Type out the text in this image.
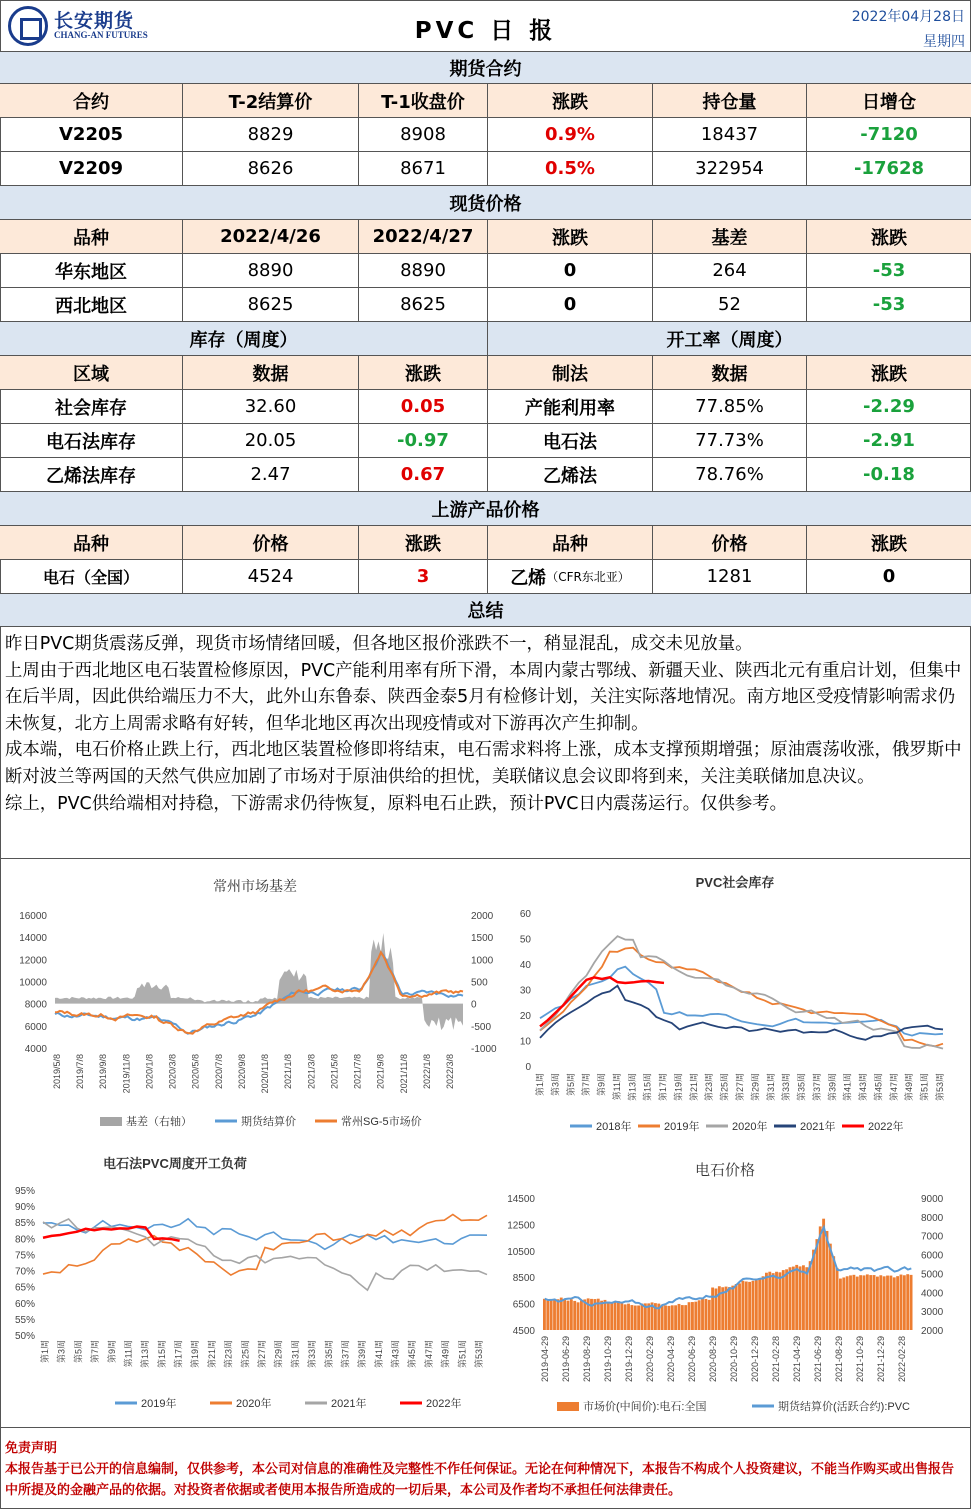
长安期货
CHANG-AN FUTURES	PVC 日 报
2022年04月28日
星期四
期货合约
合约	T-2结算价	T-1收盘价	涨跌	持仓量	日增仓
V2205	8829	8908	0.9%	18437	-7120
V2209	8626	8671	0.5%	322954	-17628
现货价格
品种	2022/4/26	2022/4/27	涨跌	基差	涨跌
华东地区	8890	8890	0	264	-53
西北地区	8625	8625	0	52	-53
库存（周度）	开工率（周度）
区域	数据	涨跌	制法	数据	涨跌
社会库存	32.60	0.05	产能利用率	77.85%	-2.29
电石法库存	20.05	-0.97	电石法	77.73%	-2.91
乙烯法库存	2.47	0.67	乙烯法	78.76%	-0.18
上游产品价格
品种	价格	涨跌	品种	价格	涨跌
电石（全国）	4524	3	乙烯 （CFR东北亚）	1281	0
总结

昨日PVC期货震荡反弹，现货市场情绪回暖，但各地区报价涨跌不一，稍显混乱，成交未见放量。

上周由于西北地区电石装置检修原因，PVC产能利用率有所下滑，本周内蒙古鄂绒、新疆天业、陕西北元有重启计划，但集中在后半周，因此供给端压力不大，此外山东鲁泰、陕西金泰5月有检修计划，关注实际落地情况。南方地区受疫情影响需求仍未恢复，北方上周需求略有好转，但华北地区再次出现疫情或对下游再次产生抑制。

成本端，电石价格止跌上行，西北地区装置检修即将结束，电石需求料将上涨，成本支撑预期增强；原油震荡收涨，俄罗斯中断对波兰等两国的天然气供应加剧了市场对于原油供给的担忧，美联储议息会议即将到来，关注美联储加息决议。

综上，PVC供给端相对持稳，下游需求仍待恢复，原料电石止跌，预计PVC日内震荡运行。仅供参考。

常州市场基差
16000
14000
12000
10000
8000
6000
4000
2000
1500
1000
500
0
-500
-1000
2019/5/8 2019/7/8 2019/9/8 2019/11/8 2020/1/8 2020/3/8 2020/5/8 2020/7/8 2020/9/8 2020/11/8 2021/1/8 2021/3/8 2021/5/8 2021/7/8 2021/9/8 2021/11/8 2022/1/8 2022/3/8
基差（右轴）	期货结算价	常州SG-5市场价
PVC社会库存
60
50
40
30
20
10
0
第1周 第3周 第5周 第7周 第9周 第11周 第13周 第15周 第17周 第19周 第21周 第23周 第25周 第27周 第29周 第31周 第33周 第35周 第37周 第39周 第41周 第43周 第45周 第47周 第49周 第51周 第53周
2018年	2019年	2020年	2021年	2022年
电石法PVC周度开工负荷
95%
90%
85%
80%
75%
70%
65%
60%
55%
50%
第1周 第3周 第5周 第7周 第9周 第11周 第13周 第15周 第17周 第19周 第21周 第23周 第25周 第27周 第29周 第31周 第33周 第35周 第37周 第39周 第41周 第43周 第45周 第47周 第49周 第51周 第53周
2019年	2020年	2021年	2022年
电石价格
14500
12500
10500
8500
6500
4500
9000
8000
7000
6000
5000
4000
3000
2000
2019-04-29 2019-06-29 2019-08-29 2019-10-29 2019-12-29 2020-02-29 2020-04-29 2020-06-29 2020-08-29 2020-10-29 2020-12-29 2021-02-28 2021-04-29 2021-06-29 2021-08-29 2021-10-29 2021-12-29 2022-02-28
市场价(中间价):电石:全国	期货结算价(活跃合约):PVC
免责声明
本报告基于已公开的信息编制，仅供参考，本公司对信息的准确性及完整性不作任何保证。无论在何种情况下，本报告不构成个人投资建议，不能当作购买或出售报告中所提及的金融产品的依据。对投资者依据或者使用本报告所造成的一切后果，本公司及作者均不承担任何法律责任。
